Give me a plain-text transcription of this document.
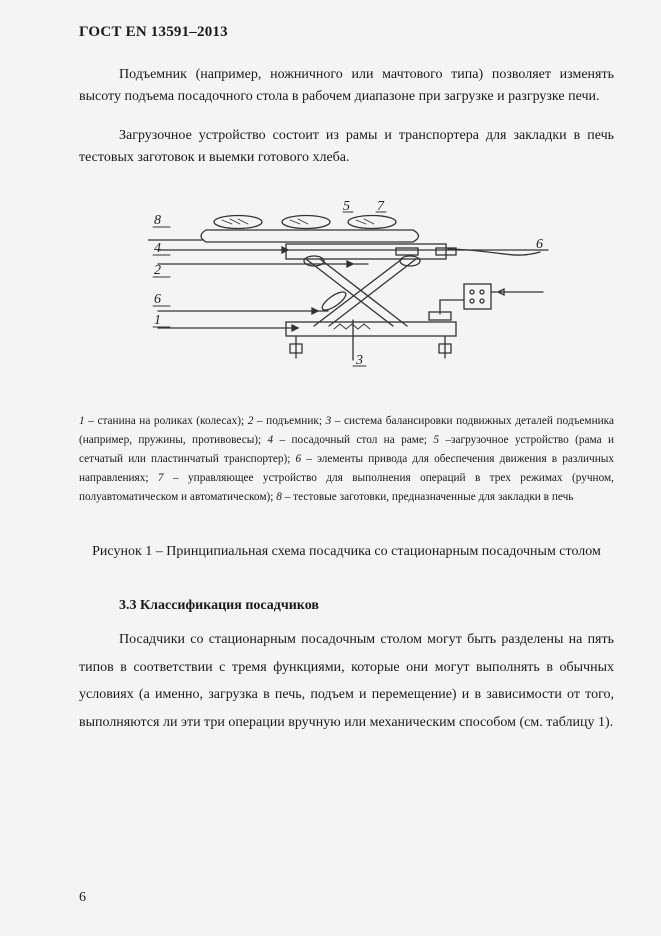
ГОСТ EN 13591–2013

Подъемник (например, ножничного или мачтового типа) позволяет изменять высоту подъема посадочного стола в рабочем диапазоне при загрузке и разгрузке печи.

Загрузочное устройство состоит из рамы и транспортера для закладки в печь тестовых заготовок и выемки готового хлеба.

8
4
2
6
1
5 7
6
3

1 – станина на роликах (колесах); 2 – подъемник; 3 – система балансировки подвижных деталей подъемника (например, пружины, противовесы); 4 – посадочный стол на раме; 5 –загрузочное устройство (рама и сетчатый или пластинчатый транспортер); 6 – элементы привода для обеспечения движения в различных направлениях; 7 – управляющее устройство для выполнения операций в трех режимах (ручном, полуавтоматическом и автоматическом); 8 – тестовые заготовки, предназначенные для закладки в печь

Рисунок 1 – Принципиальная схема посадчика со стационарным посадочным столом

3.3 Классификация посадчиков

Посадчики со стационарным посадочным столом могут быть разделены на пять типов в соответствии с тремя функциями, которые они могут выполнять в обычных условиях (а именно, загрузка в печь, подъем и перемещение) и в зависимости от того, выполняются ли эти три операции вручную или механическим способом (см. таблицу 1).

6
